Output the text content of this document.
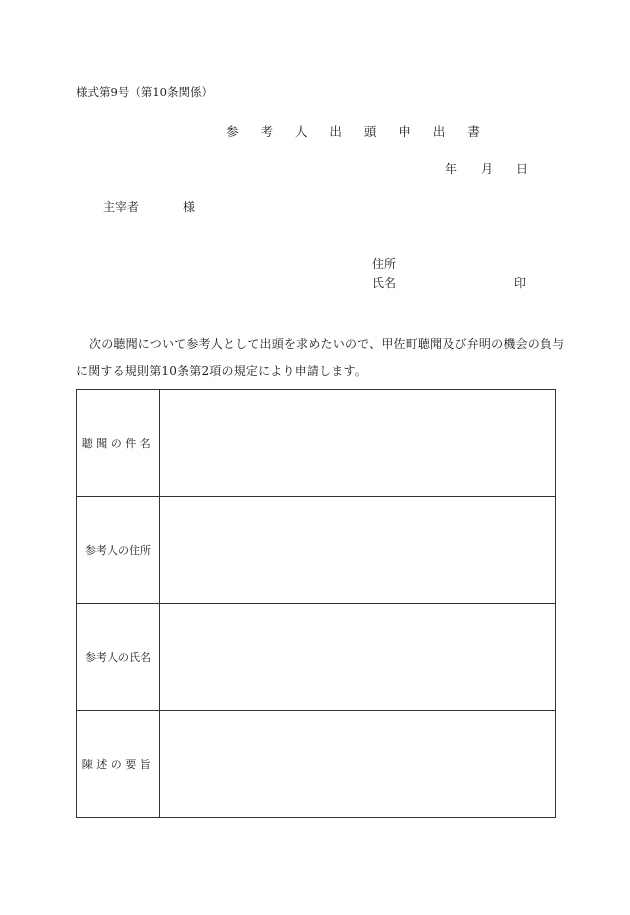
様式第9号（第10条関係）
参 考 人 出 頭 申 出 書
年 月 日
主宰者	様
住所
氏名	印
次の聴聞について参考人として出頭を求めたいので、甲佐町聴聞及び弁明の機会の負与
に関する規則第10条第2項の規定により申請します。
聴聞の件名	
参考人の住所	
参考人の氏名	
陳述の要旨	
